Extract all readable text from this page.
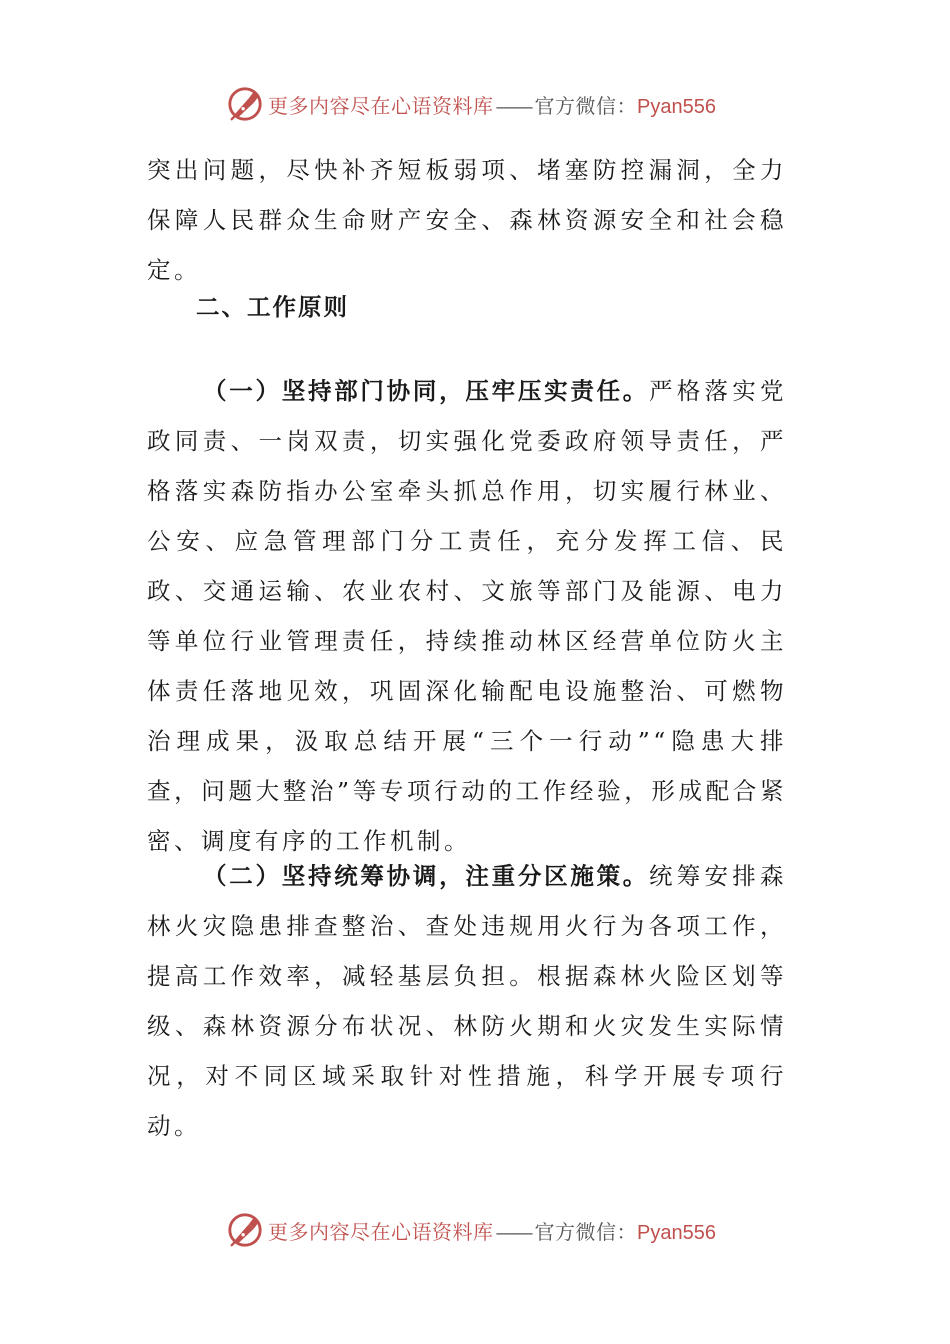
更多内容尽在心语资料库 —— 官方微信：Pyan556

突出问题，尽快补齐短板弱项、堵塞防控漏洞，全力保障人民群众生命财产安全、森林资源安全和社会稳定。

二、工作原则

（一）坚持部门协同，压牢压实责任。严格落实党政同责、一岗双责，切实强化党委政府领导责任，严格落实森防指办公室牵头抓总作用，切实履行林业、公安、应急管理部门分工责任，充分发挥工信、民政、交通运输、农业农村、文旅等部门及能源、电力等单位行业管理责任，持续推动林区经营单位防火主体责任落地见效，巩固深化输配电设施整治、可燃物治理成果，汲取总结开展“三个一行动”“隐患大排查，问题大整治”等专项行动的工作经验，形成配合紧密、调度有序的工作机制。

（二）坚持统筹协调，注重分区施策。统筹安排森林火灾隐患排查整治、查处违规用火行为各项工作，提高工作效率，减轻基层负担。根据森林火险区划等级、森林资源分布状况、林防火期和火灾发生实际情况，对不同区域采取针对性措施，科学开展专项行动。

更多内容尽在心语资料库 —— 官方微信：Pyan556
